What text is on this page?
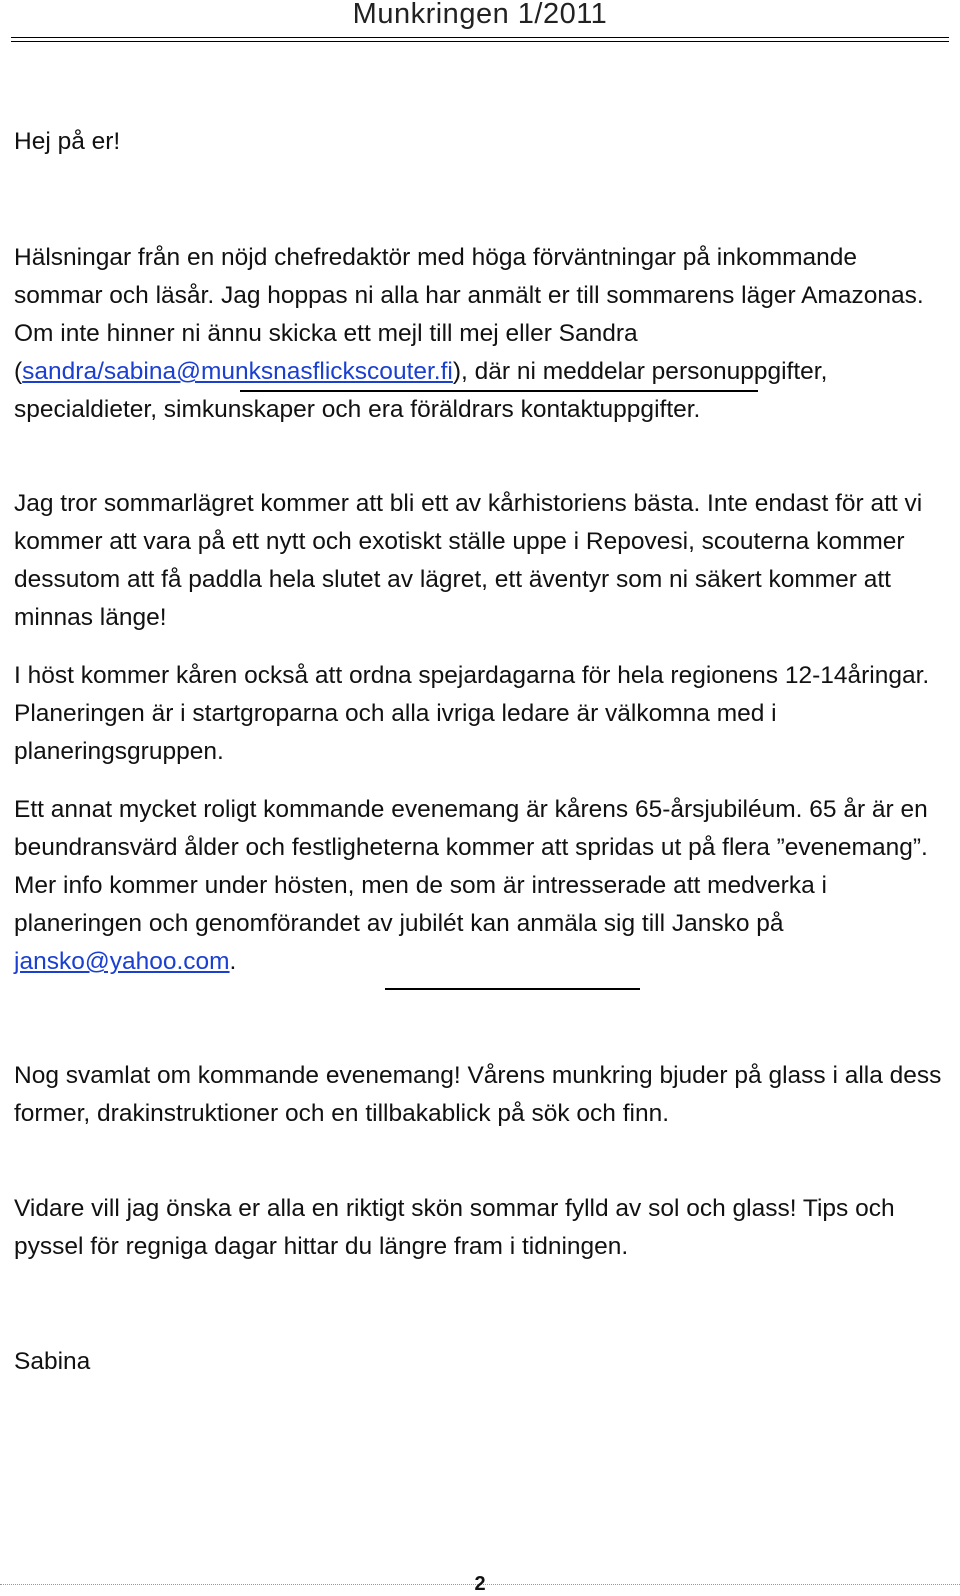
Munkringen 1/2011

Hej på er!

Hälsningar från en nöjd chefredaktör med höga förväntningar på inkommande sommar och läsår. Jag hoppas ni alla har anmält er till sommarens läger Amazonas. Om inte hinner ni ännu skicka ett mejl till mej eller Sandra (sandra/sabina@munksnasflickscouter.fi), där ni meddelar personuppgifter, specialdieter, simkunskaper och era föräldrars kontaktuppgifter.

Jag tror sommarlägret kommer att bli ett av kårhistoriens bästa. Inte endast för att vi kommer att vara på ett nytt och exotiskt ställe uppe i Repovesi, scouterna kommer dessutom att få paddla hela slutet av lägret, ett äventyr som ni säkert kommer att minnas länge!

I höst kommer kåren också att ordna spejardagarna för hela regionens 12-14åringar. Planeringen är i startgroparna och alla ivriga ledare är välkomna med i planeringsgruppen.

Ett annat mycket roligt kommande evenemang är kårens 65-årsjubiléum. 65 år är en beundransvärd ålder och festligheterna kommer att spridas ut på flera ”evenemang”. Mer info kommer under hösten, men de som är intresserade att medverka i planeringen och genomförandet av jubilét kan anmäla sig till Jansko på jansko@yahoo.com.

Nog svamlat om kommande evenemang! Vårens munkring bjuder på glass i alla dess former, drakinstruktioner och en tillbakablick på sök och finn.

Vidare vill jag önska er alla en riktigt skön sommar fylld av sol och glass! Tips och pyssel för regniga dagar hittar du längre fram i tidningen.

Sabina

2
